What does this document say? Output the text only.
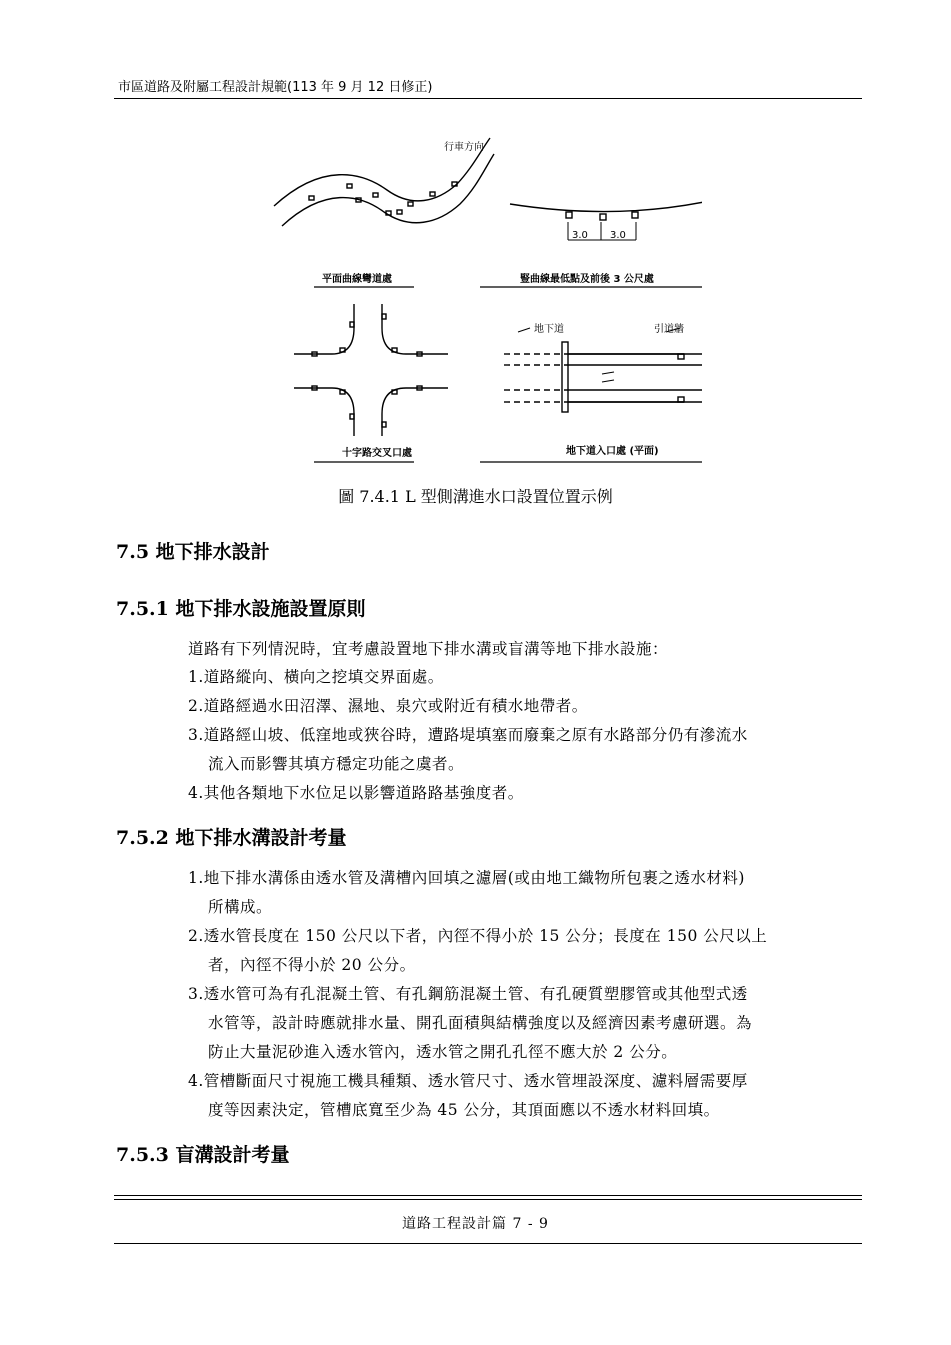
市區道路及附屬工程設計規範(113 年 9 月 12 日修正)
行車方向
3.0 3.0
平面曲線彎道處	豎曲線最低點及前後 3 公尺處
地下道	引道牆
十字路交叉口處	地下道入口處 (平面)
圖 7.4.1 L 型側溝進水口設置位置示例
7.5 地下排水設計
7.5.1 地下排水設施設置原則
道路有下列情況時，宜考慮設置地下排水溝或盲溝等地下排水設施：
1.道路縱向、橫向之挖填交界面處。
2.道路經過水田沼澤、濕地、泉穴或附近有積水地帶者。
3.道路經山坡、低窪地或狹谷時，遭路堤填塞而廢棄之原有水路部分仍有滲流水
流入而影響其填方穩定功能之虞者。
4.其他各類地下水位足以影響道路路基強度者。
7.5.2 地下排水溝設計考量
1.地下排水溝係由透水管及溝槽內回填之濾層(或由地工織物所包裹之透水材料)
所構成。
2.透水管長度在 150 公尺以下者，內徑不得小於 15 公分；長度在 150 公尺以上
者，內徑不得小於 20 公分。
3.透水管可為有孔混凝土管、有孔鋼筋混凝土管、有孔硬質塑膠管或其他型式透
水管等，設計時應就排水量、開孔面積與結構強度以及經濟因素考慮研選。為
防止大量泥砂進入透水管內，透水管之開孔孔徑不應大於 2 公分。
4.管槽斷面尺寸視施工機具種類、透水管尺寸、透水管埋設深度、濾料層需要厚
度等因素決定，管槽底寬至少為 45 公分，其頂面應以不透水材料回填。
7.5.3 盲溝設計考量
道路工程設計篇 7 - 9
